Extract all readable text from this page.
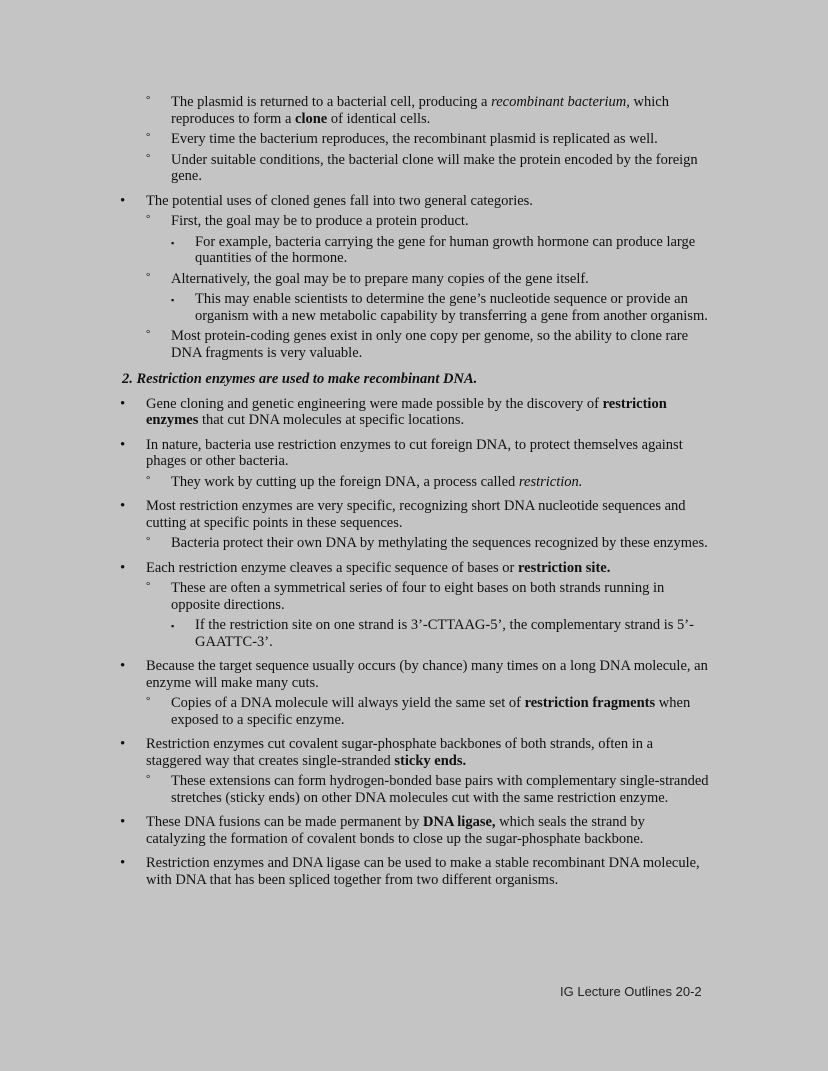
° The plasmid is returned to a bacterial cell, producing a recombinant bacterium, which reproduces to form a clone of identical cells.
° Every time the bacterium reproduces, the recombinant plasmid is replicated as well.
° Under suitable conditions, the bacterial clone will make the protein encoded by the foreign gene.
• The potential uses of cloned genes fall into two general categories.
° First, the goal may be to produce a protein product.
▪ For example, bacteria carrying the gene for human growth hormone can produce large quantities of the hormone.
° Alternatively, the goal may be to prepare many copies of the gene itself.
▪ This may enable scientists to determine the gene’s nucleotide sequence or provide an organism with a new metabolic capability by transferring a gene from another organism.
° Most protein-coding genes exist in only one copy per genome, so the ability to clone rare DNA fragments is very valuable.
2. Restriction enzymes are used to make recombinant DNA.
• Gene cloning and genetic engineering were made possible by the discovery of restriction enzymes that cut DNA molecules at specific locations.
• In nature, bacteria use restriction enzymes to cut foreign DNA, to protect themselves against phages or other bacteria.
° They work by cutting up the foreign DNA, a process called restriction.
• Most restriction enzymes are very specific, recognizing short DNA nucleotide sequences and cutting at specific points in these sequences.
° Bacteria protect their own DNA by methylating the sequences recognized by these enzymes.
• Each restriction enzyme cleaves a specific sequence of bases or restriction site.
° These are often a symmetrical series of four to eight bases on both strands running in opposite directions.
▪ If the restriction site on one strand is 3’-CTTAAG-5’, the complementary strand is 5’-GAATTC-3’.
• Because the target sequence usually occurs (by chance) many times on a long DNA molecule, an enzyme will make many cuts.
° Copies of a DNA molecule will always yield the same set of restriction fragments when exposed to a specific enzyme.
• Restriction enzymes cut covalent sugar-phosphate backbones of both strands, often in a staggered way that creates single-stranded sticky ends.
° These extensions can form hydrogen-bonded base pairs with complementary single-stranded stretches (sticky ends) on other DNA molecules cut with the same restriction enzyme.
• These DNA fusions can be made permanent by DNA ligase, which seals the strand by catalyzing the formation of covalent bonds to close up the sugar-phosphate backbone.
• Restriction enzymes and DNA ligase can be used to make a stable recombinant DNA molecule, with DNA that has been spliced together from two different organisms.
IG Lecture Outlines 20-2
